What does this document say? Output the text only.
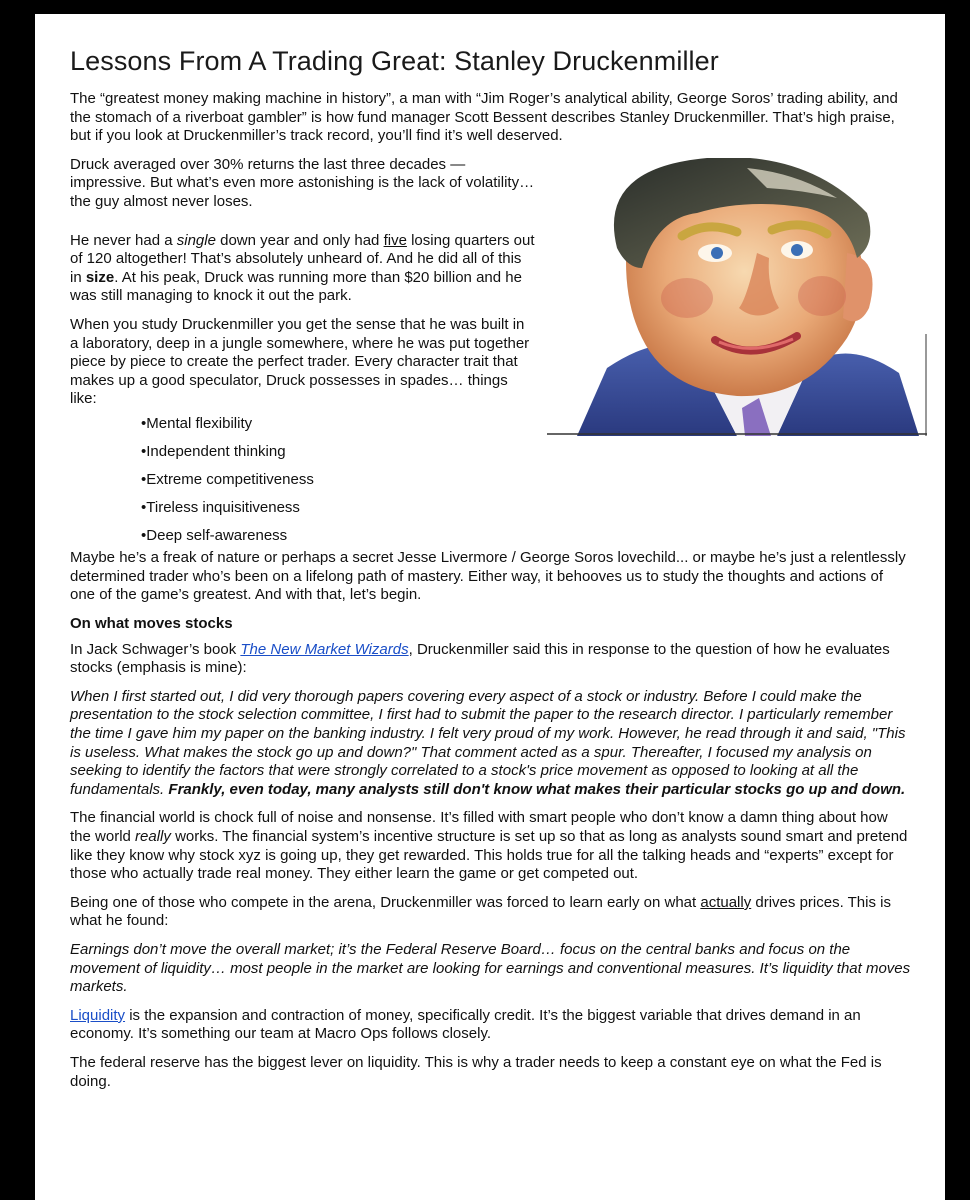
Lessons From A Trading Great: Stanley Druckenmiller

The “greatest money making machine in history”, a man with “Jim Roger’s analytical ability, George Soros’ trading ability, and the stomach of a riverboat gambler” is how fund manager Scott Bessent describes Stanley Druckenmiller. That’s high praise, but if you look at Druckenmiller’s track record, you’ll find it’s well deserved.

Druck averaged over 30% returns the last three decades — impressive. But what’s even more astonishing is the lack of volatility… the guy almost never loses.

He never had a single down year and only had five losing quarters out of 120 altogether! That’s absolutely unheard of. And he did all of this in size. At his peak, Druck was running more than $20 billion and he was still managing to knock it out the park.

When you study Druckenmiller you get the sense that he was built in a laboratory, deep in a jungle somewhere, where he was put together piece by piece to create the perfect trader. Every character trait that makes up a good speculator, Druck possesses in spades… things like:

• Mental flexibility
• Independent thinking
• Extreme competitiveness
• Tireless inquisitiveness
• Deep self-awareness

Maybe he’s a freak of nature or perhaps a secret Jesse Livermore / George Soros lovechild... or maybe he’s just a relentlessly determined trader who’s been on a lifelong path of mastery. Either way, it behooves us to study the thoughts and actions of one of the game’s greatest. And with that, let’s begin.

On what moves stocks

In Jack Schwager’s book The New Market Wizards, Druckenmiller said this in response to the question of how he evaluates stocks (emphasis is mine):

When I first started out, I did very thorough papers covering every aspect of a stock or industry. Before I could make the presentation to the stock selection committee, I first had to submit the paper to the research director. I particularly remember the time I gave him my paper on the banking industry. I felt very proud of my work. However, he read through it and said, "This is useless. What makes the stock go up and down?" That comment acted as a spur. Thereafter, I focused my analysis on seeking to identify the factors that were strongly correlated to a stock's price movement as opposed to looking at all the fundamentals. Frankly, even today, many analysts still don't know what makes their particular stocks go up and down.

The financial world is chock full of noise and nonsense. It’s filled with smart people who don’t know a damn thing about how the world really works. The financial system’s incentive structure is set up so that as long as analysts sound smart and pretend like they know why stock xyz is going up, they get rewarded. This holds true for all the talking heads and “experts” except for those who actually trade real money. They either learn the game or get competed out.

Being one of those who compete in the arena, Druckenmiller was forced to learn early on what actually drives prices. This is what he found:

Earnings don’t move the overall market; it’s the Federal Reserve Board… focus on the central banks and focus on the movement of liquidity… most people in the market are looking for earnings and conventional measures. It’s liquidity that moves markets.

Liquidity is the expansion and contraction of money, specifically credit. It’s the biggest variable that drives demand in an economy. It’s something our team at Macro Ops follows closely.

The federal reserve has the biggest lever on liquidity. This is why a trader needs to keep a constant eye on what the Fed is doing.
